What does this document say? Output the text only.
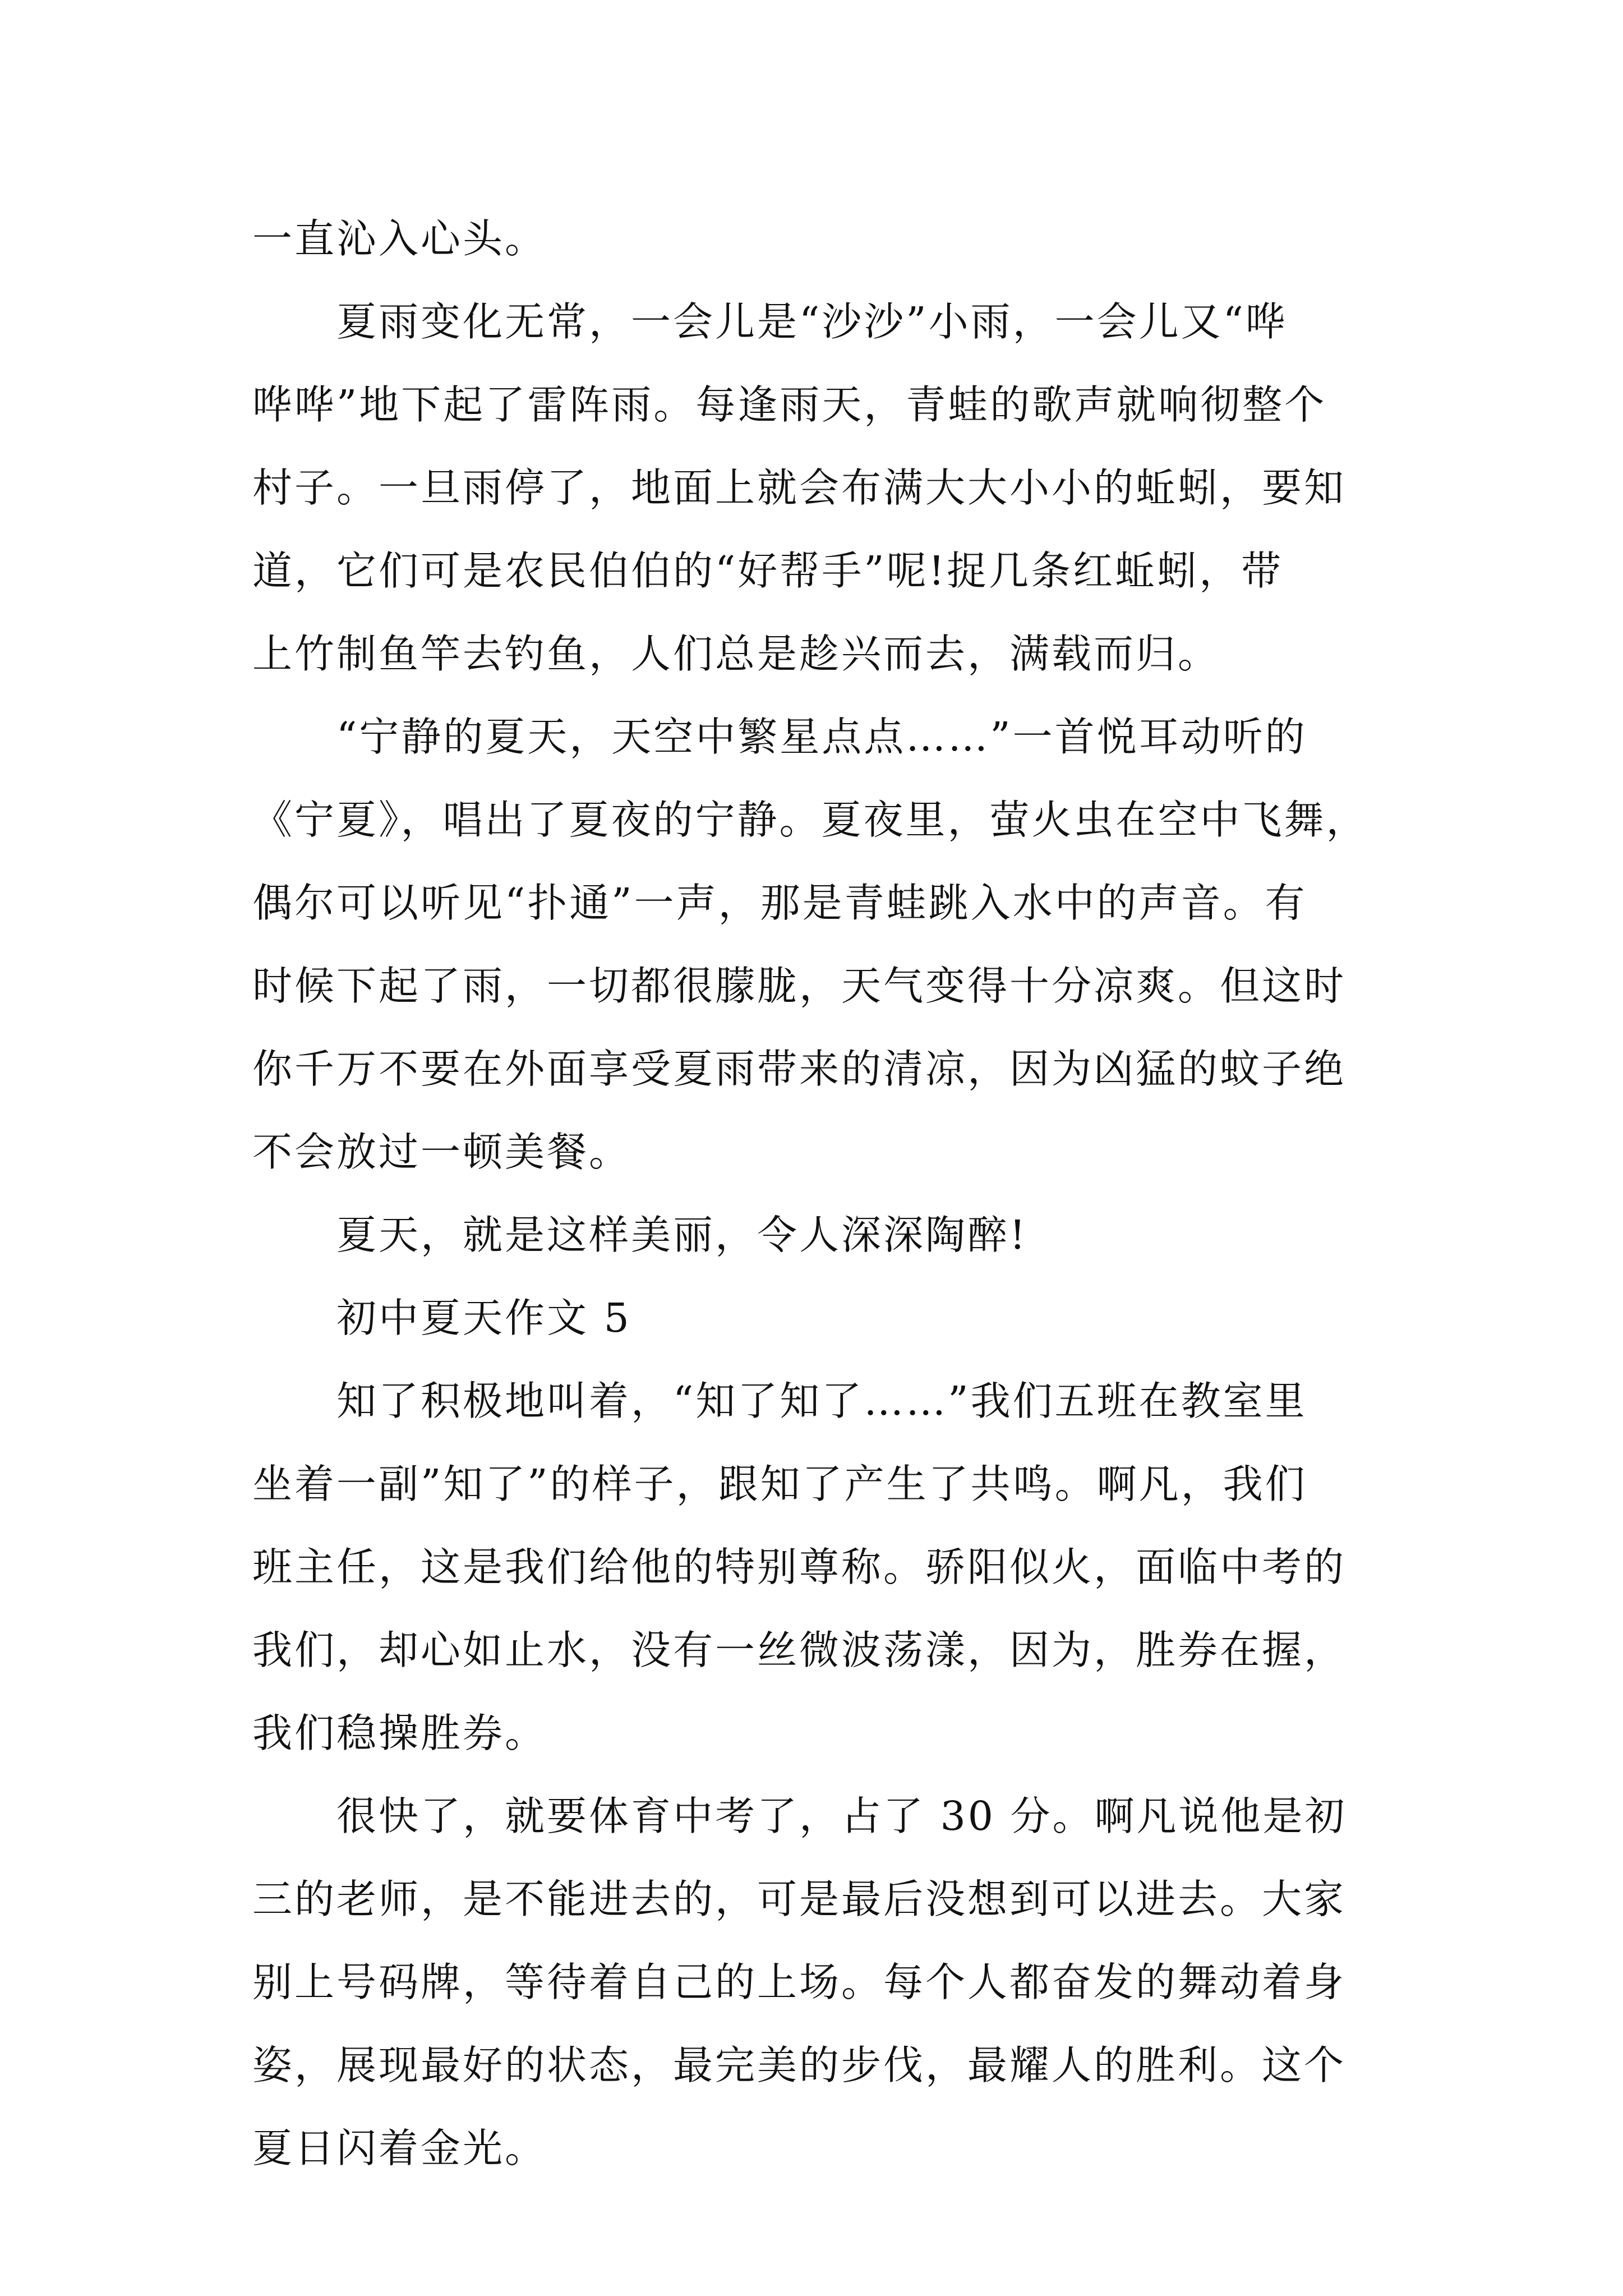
一直沁入心头。
夏雨变化无常，一会儿是“沙沙”小雨，一会儿又“哗
哗哗”地下起了雷阵雨。每逢雨天，青蛙的歌声就响彻整个
村子。一旦雨停了，地面上就会布满大大小小的蚯蚓，要知
道，它们可是农民伯伯的“好帮手”呢!捉几条红蚯蚓，带
上竹制鱼竿去钓鱼，人们总是趁兴而去，满载而归。
“宁静的夏天，天空中繁星点点……”一首悦耳动听的
《宁夏》，唱出了夏夜的宁静。夏夜里，萤火虫在空中飞舞，
偶尔可以听见“扑通”一声，那是青蛙跳入水中的声音。有
时候下起了雨，一切都很朦胧，天气变得十分凉爽。但这时
你千万不要在外面享受夏雨带来的清凉，因为凶猛的蚊子绝
不会放过一顿美餐。
夏天，就是这样美丽，令人深深陶醉!
初中夏天作文 5
知了积极地叫着，“知了知了……”我们五班在教室里
坐着一副”知了”的样子，跟知了产生了共鸣。啊凡，我们
班主任，这是我们给他的特别尊称。骄阳似火，面临中考的
我们，却心如止水，没有一丝微波荡漾，因为，胜券在握，
我们稳操胜券。
很快了，就要体育中考了，占了 30 分。啊凡说他是初
三的老师，是不能进去的，可是最后没想到可以进去。大家
别上号码牌，等待着自己的上场。每个人都奋发的舞动着身
姿，展现最好的状态，最完美的步伐，最耀人的胜利。这个
夏日闪着金光。
